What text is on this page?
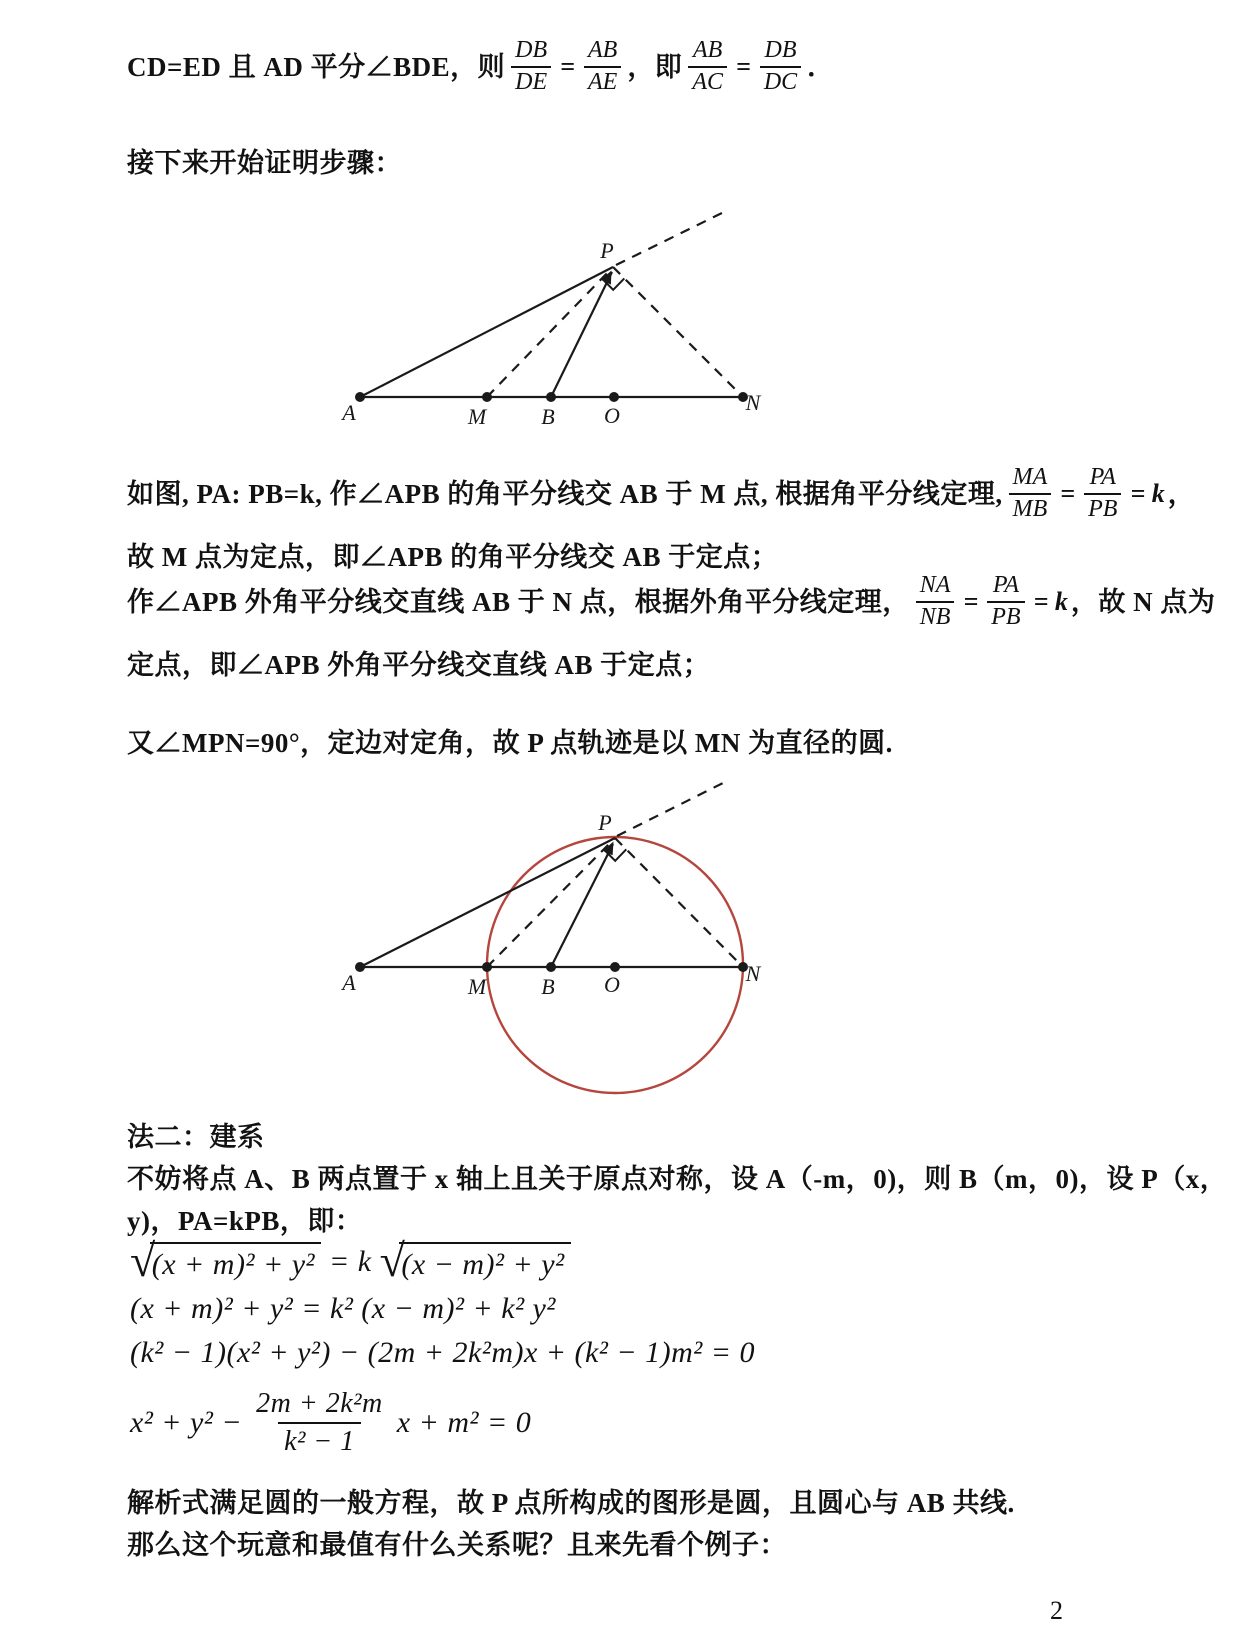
CD=ED 且 AD 平分∠BDE，则 $\frac{DB}{DE} = \frac{AB}{AE}$ ，即 $\frac{AB}{AC} = \frac{DB}{DC}$ ．
接下来开始证明步骤：
A	M	B O
N
P
如图, PA: PB=k, 作∠APB 的角平分线交 AB 于 M 点, 根据角平分线定理, $\frac{MA}{MB} = \frac{PA}{PB} = k$ ，
故 M 点为定点，即∠APB 的角平分线交 AB 于定点；
作∠APB 外角平分线交直线 AB 于 N 点，根据外角平分线定理， $\frac{NA}{NB} = \frac{PA}{PB} = k$ ，故 N 点为
定点，即∠APB 外角平分线交直线 AB 于定点；
又∠MPN=90°，定边对定角，故 P 点轨迹是以 MN 为直径的圆.
A	M	B O	N
P
法二：建系
不妨将点 A、B 两点置于 x 轴上且关于原点对称，设 A（-m，0)，则 B（m，0)，设 P（x，
y)，PA=kPB，即：
√
(x + m)² + y² = k √
(x − m)² + y²
(x + m)² + y² = k² (x − m)² + k² y²
(k² − 1)(x² + y²) − (2m + 2k²m)x + (k² − 1)m² = 0
$x^2 + y^2 - \frac{\text{2m + 2k²m}}{\text{k² − 1}}$ x + m² = 0
解析式满足圆的一般方程，故 P 点所构成的图形是圆，且圆心与 AB 共线.
那么这个玩意和最值有什么关系呢？且来先看个例子：
2
